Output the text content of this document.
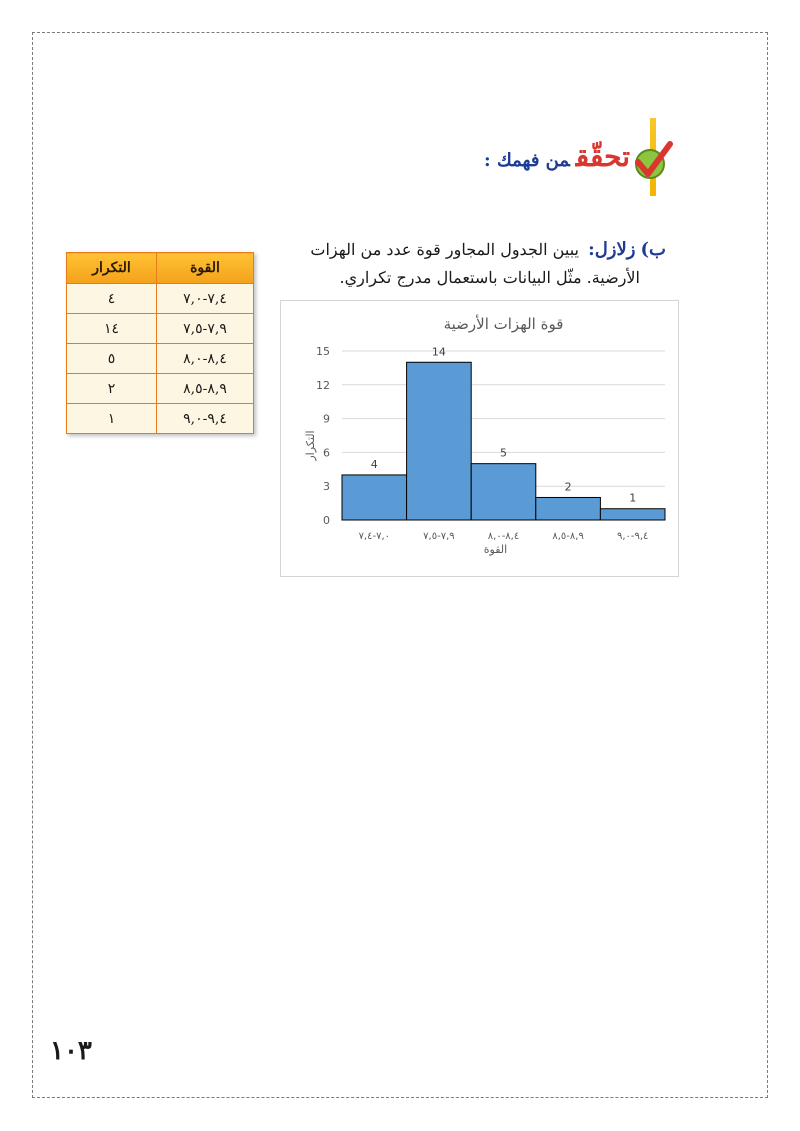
تحقّقمن فهمك :
ب) زلازل: يبين الجدول المجاور قوة عدد من الهزات
الأرضية. مثّل البيانات باستعمال مدرج تكراري.
القوة	التكرار
٧,٤-٧,٠	٤
٧,٩-٧,٥	١٤
٨,٤-٨,٠	٥
٨,٩-٨,٥	٢
٩,٤-٩,٠	١
قوة الهزات الأرضية
0
3
6
9
12
15
4
٧,٠-٧,٤
14
٧,٩-٧,٥
5
٨,٤-٨,٠
2
٨,٩-٨,٥
1
٩,٤-٩,٠
القوة
التكرار
١٠٣
